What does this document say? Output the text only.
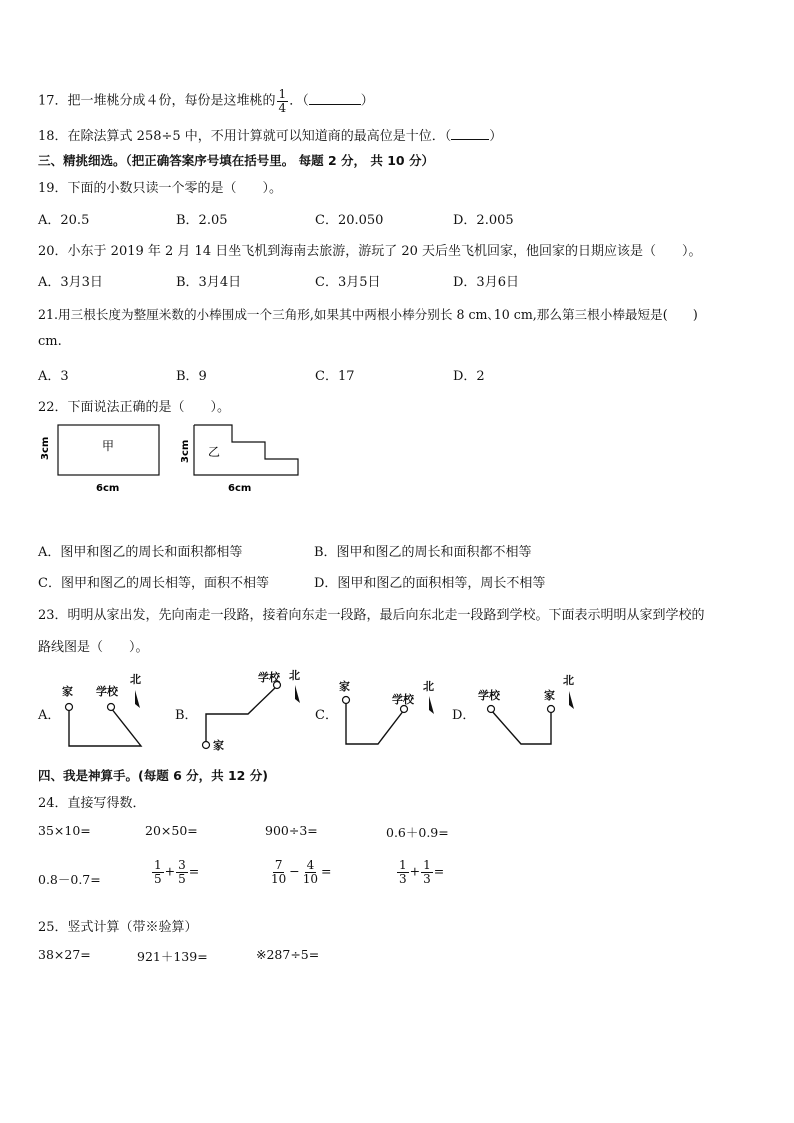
17．把一堆桃分成４份，每份是这堆桃的 $\frac{1}{4}$ ．（	）
18．在除法算式 258÷5 中，不用计算就可以知道商的最高位是十位．（	）
三、精挑细选。（把正确答案序号填在括号里。 每题 2 分， 共 10 分）
19．下面的小数只读一个零的是（　　）。
A．20.5	B．2.05	C．20.050	D．2.005
20．小东于 2019 年 2 月 14 日坐飞机到海南去旅游，游玩了 20 天后坐飞机回家，他回家的日期应该是（　　）。
A．3月3日	B．3月4日	C．3月5日	D．3月6日
21.用三根长度为整厘米数的小棒围成一个三角形,如果其中两根小棒分别长 8 cm､10 cm,那么第三根小棒最短是(　　)
cm.
A．3	B．9	C．17	D．2
22．下面说法正确的是（　　）。
甲
3cm
6cm
乙
3cm
6cm
A．图甲和图乙的周长和面积都相等	B．图甲和图乙的周长和面积都不相等
C．图甲和图乙的周长相等，面积不相等	D．图甲和图乙的面积相等，周长不相等
23．明明从家出发，先向南走一段路，接着向东走一段路，最后向东北走一段路到学校。下面表示明明从家到学校的
路线图是（　　）。
A．	B．	C．	D．
家 学校
北	学校 北
家
家
学校
北
学校	家
北
四、我是神算手。(每题 6 分，共 12 分)
24．直接写得数．
35×10=	20×50=	900÷3=	0.6＋0.9=
0.8－0.7=	$\frac{1}{5} + \frac{3}{5}$ =	$\frac{7}{10} - \frac{4}{10}$ =	$\frac{1}{3} + \frac{1}{3}$ =
25．竖式计算（带※验算）
38×27=	921＋139=	※287÷5=
